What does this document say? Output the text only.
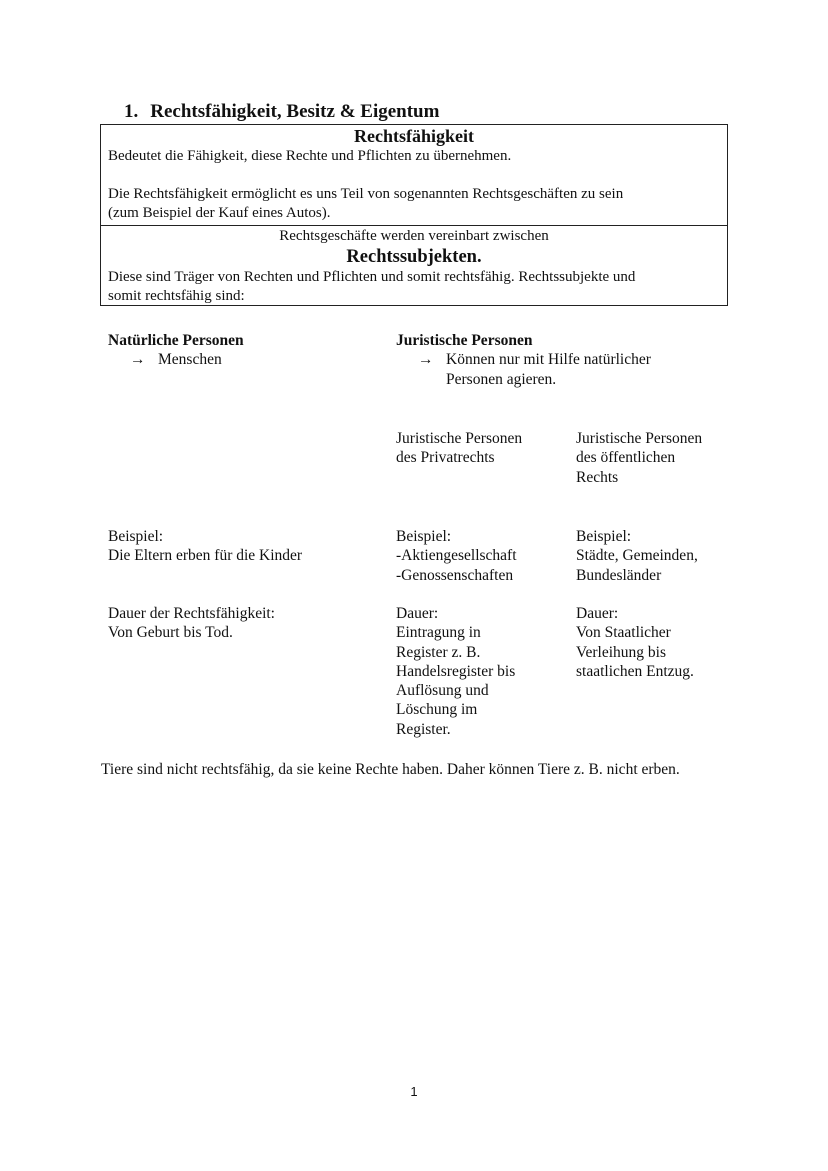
1. Rechtsfähigkeit, Besitz & Eigentum
Rechtsfähigkeit
Bedeutet die Fähigkeit, diese Rechte und Pflichten zu übernehmen.
Die Rechtsfähigkeit ermöglicht es uns Teil von sogenannten Rechtsgeschäften zu sein
(zum Beispiel der Kauf eines Autos).
Rechtsgeschäfte werden vereinbart zwischen
Rechtssubjekten.
Diese sind Träger von Rechten und Pflichten und somit rechtsfähig. Rechtssubjekte und
somit rechtsfähig sind:
Natürliche Personen
→ Menschen
Juristische Personen
→ Können nur mit Hilfe natürlicher
Personen agieren.
Juristische Personen
des Privatrechts
Juristische Personen
des öffentlichen
Rechts
Beispiel:
Die Eltern erben für die Kinder
Beispiel:
-Aktiengesellschaft
-Genossenschaften
Beispiel:
Städte, Gemeinden,
Bundesländer
Dauer der Rechtsfähigkeit:
Von Geburt bis Tod.
Dauer:
Eintragung in
Register z. B.
Handelsregister bis
Auflösung und
Löschung im
Register.
Dauer:
Von Staatlicher
Verleihung bis
staatlichen Entzug.
Tiere sind nicht rechtsfähig, da sie keine Rechte haben. Daher können Tiere z. B. nicht erben.
1
